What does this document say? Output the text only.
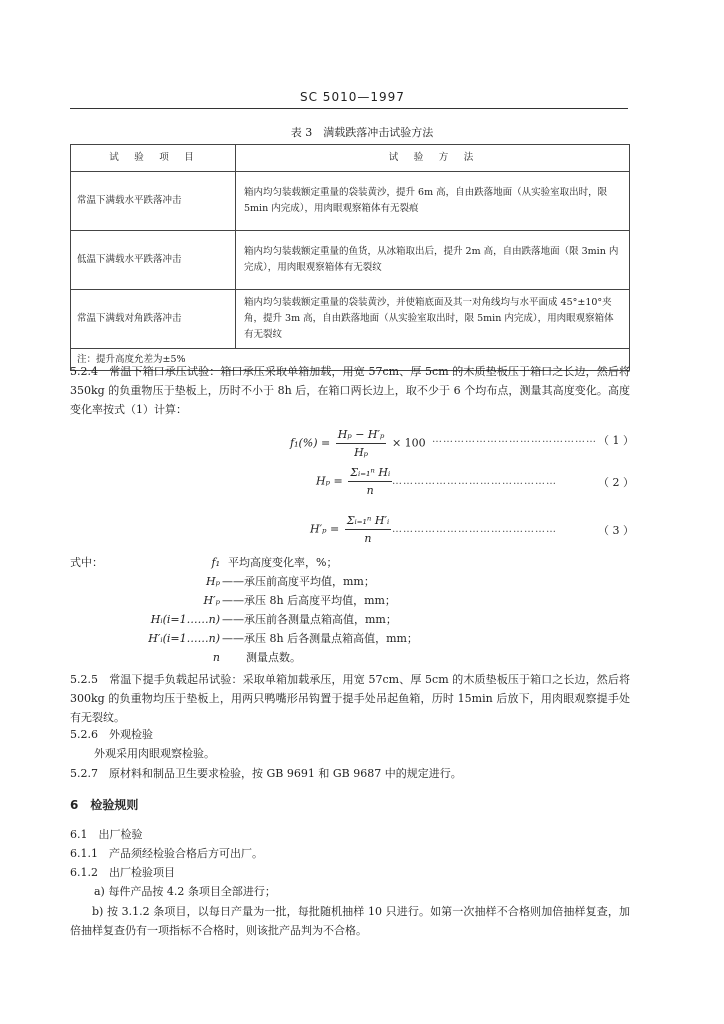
SC 5010—1997
表 3　满载跌落冲击试验方法
试　验　项　目	试　验　方　法
常温下满载水平跌落冲击	箱内均匀装载额定重量的袋装黄沙，提升 6m 高，自由跌落地面（从实验室取出时，限 5min 内完成），用肉眼观察箱体有无裂痕
低温下满载水平跌落冲击	箱内均匀装载额定重量的鱼货，从冰箱取出后，提升 2m 高，自由跌落地面（限 3min 内完成），用肉眼观察箱体有无裂纹
常温下满载对角跌落冲击	箱内均匀装载额定重量的袋装黄沙，并使箱底面及其一对角线均与水平面成 45°±10°夹角，提升 3m 高，自由跌落地面（从实验室取出时，限 5min 内完成），用肉眼观察箱体有无裂纹
注：提升高度允差为±5%	
5.2.4　常温下箱口承压试验：箱口承压采取单箱加载，用宽 57cm、厚 5cm 的木质垫板压于箱口之长边，然后将 350kg 的负重物压于垫板上，历时不小于 8h 后，在箱口两长边上，取不少于 6 个均布点，测量其高度变化。高度变化率按式（1）计算：
$f_1(\%) = \frac{\text{Hₚ − H′ₚ}}{\text{Hₚ}} \times 100$ ……………………………………… （ 1 ）
$H_p = \frac{\text{Σᵢ₌₁ⁿ Hᵢ}}{n}$ ………………………………………	（ 2 ）
$H'_p = \frac{\text{Σᵢ₌₁ⁿ H′ᵢ}}{n}$ ………………………………………	（ 3 ）
式中：	f₁ 平均高度变化率，%；
Hₚ ——承压前高度平均值，mm；
H′ₚ ——承压 8h 后高度平均值，mm；
Hᵢ(i=1……n) ——承压前各测量点箱高值，mm；
H′ᵢ(i=1……n) ——承压 8h 后各测量点箱高值，mm；
n 测量点数。
5.2.5　常温下提手负载起吊试验：采取单箱加载承压，用宽 57cm、厚 5cm 的木质垫板压于箱口之长边，然后将 300kg 的负重物均压于垫板上，用两只鸭嘴形吊钩置于提手处吊起鱼箱，历时 15min 后放下，用肉眼观察提手处有无裂纹。
5.2.6　外观检验
外观采用肉眼观察检验。
5.2.7　原材料和制品卫生要求检验，按 GB 9691 和 GB 9687 中的规定进行。
6　检验规则
6.1　出厂检验
6.1.1　产品须经检验合格后方可出厂。
6.1.2　出厂检验项目
a) 每件产品按 4.2 条项目全部进行；
b) 按 3.1.2 条项目，以每日产量为一批，每批随机抽样 10 只进行。如第一次抽样不合格则加倍抽样复查，加倍抽样复查仍有一项指标不合格时，则该批产品判为不合格。
